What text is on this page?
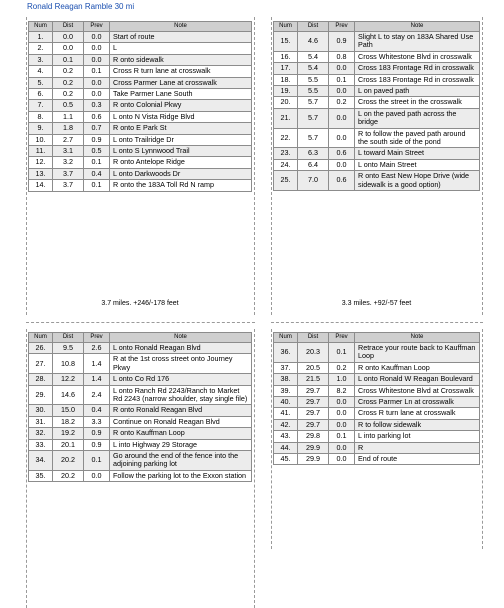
Ronald Reagan Ramble 30 mi
Num	Dist	Prev	Note
1.	0.0	0.0	Start of route
2.	0.0	0.0	L
3.	0.1	0.0	R onto sidewalk
4.	0.2	0.1	Cross R turn lane at crosswalk
5.	0.2	0.0	Cross Parmer Lane at crosswalk
6.	0.2	0.0	Take Parmer Lane South
7.	0.5	0.3	R onto Colonial Pkwy
8.	1.1	0.6	L onto N Vista Ridge Blvd
9.	1.8	0.7	R onto E Park St
10.	2.7	0.9	L onto Trailridge Dr
11.	3.1	0.5	L onto S Lynnwood Trail
12.	3.2	0.1	R onto Antelope Ridge
13.	3.7	0.4	L onto Darkwoods Dr
14.	3.7	0.1	R onto the 183A Toll Rd N ramp
3.7 miles. +246/-178 feet
Num	Dist	Prev	Note
15.	4.6	0.9	Slight L to stay on 183A Shared Use Path
16.	5.4	0.8	Cross Whitestone Blvd in crosswalk
17.	5.4	0.0	Cross 183 Frontage Rd in crosswalk
18.	5.5	0.1	Cross 183 Frontage Rd in crosswalk
19.	5.5	0.0	L on paved path
20.	5.7	0.2	Cross the street in the crosswalk
21.	5.7	0.0	L on the paved path across the bridge
22.	5.7	0.0	R to follow the paved path around the south side of the pond
23.	6.3	0.6	L toward Main Street
24.	6.4	0.0	L onto Main Street
25.	7.0	0.6	R onto East New Hope Drive (wide sidewalk is a good option)
3.3 miles. +92/-57 feet
Num	Dist	Prev	Note
26.	9.5	2.6	L onto Ronald Reagan Blvd
27.	10.8	1.4	R at the 1st cross street onto Journey Pkwy
28.	12.2	1.4	L onto Co Rd 176
29.	14.6	2.4	L onto Ranch Rd 2243/Ranch to Market Rd 2243 (narrow shoulder, stay single file)
30.	15.0	0.4	R onto Ronald Reagan Blvd
31.	18.2	3.3	Continue on Ronald Reagan Blvd
32.	19.2	0.9	R onto Kauffman Loop
33.	20.1	0.9	L into Highway 29 Storage
34.	20.2	0.1	Go around the end of the fence into the adjoining parking lot
35.	20.2	0.0	Follow the parking lot to the Exxon station
Num	Dist	Prev	Note
36.	20.3	0.1	Retrace your route back to Kauffman Loop
37.	20.5	0.2	R onto Kauffman Loop
38.	21.5	1.0	L onto Ronald W Reagan Boulevard
39.	29.7	8.2	Cross Whitestone Blvd at Crosswalk
40.	29.7	0.0	Cross Parmer Ln at crosswalk
41.	29.7	0.0	Cross R turn lane at crosswalk
42.	29.7	0.0	R to follow sidewalk
43.	29.8	0.1	L into parking lot
44.	29.9	0.0	R
45.	29.9	0.0	End of route
